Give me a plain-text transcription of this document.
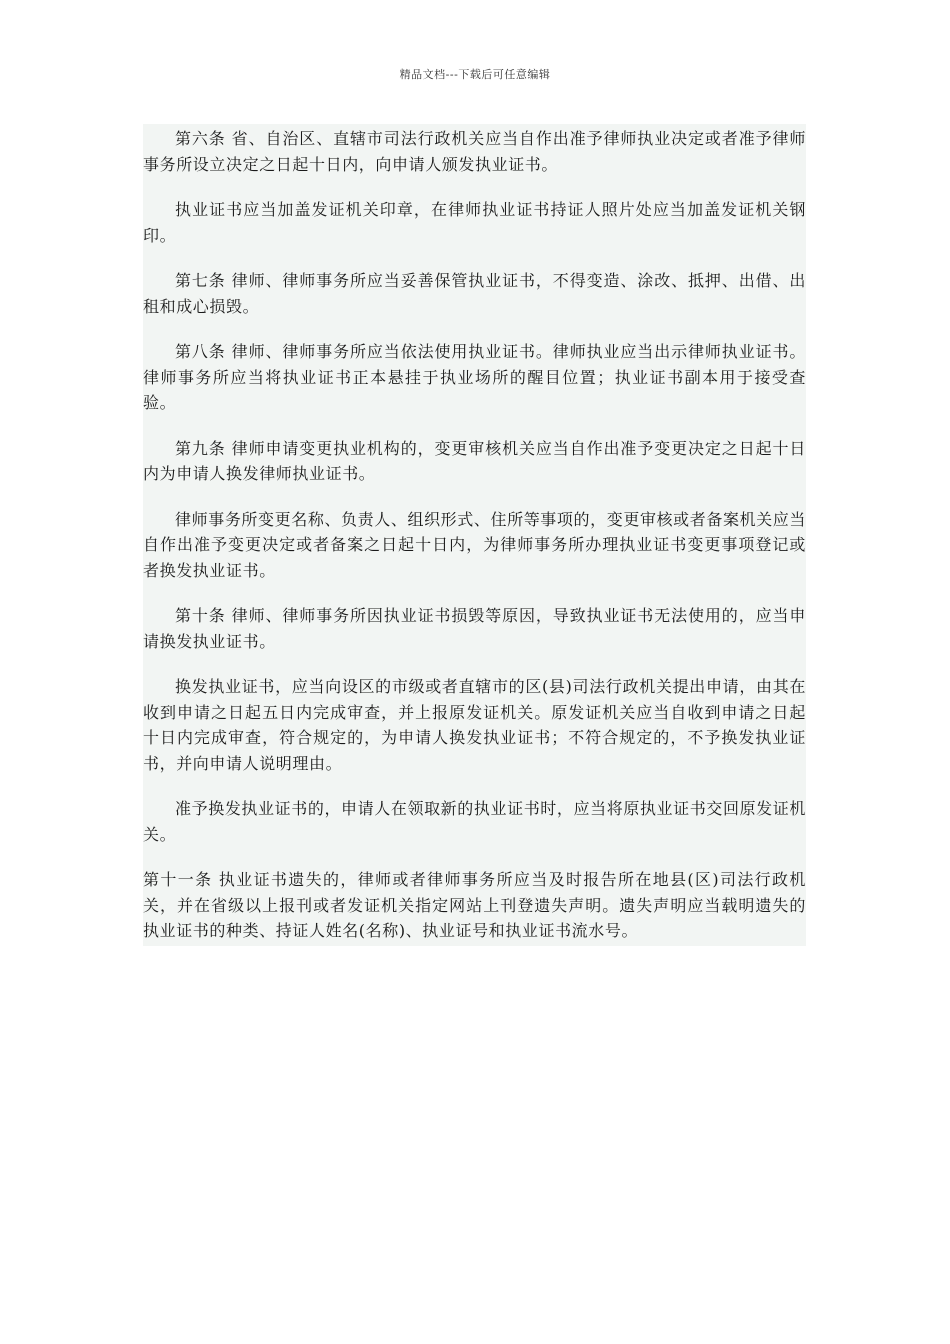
精品文档---下载后可任意编辑

第六条 省、自治区、直辖市司法行政机关应当自作出准予律师执业决定或者准予律师事务所设立决定之日起十日内，向申请人颁发执业证书。

执业证书应当加盖发证机关印章，在律师执业证书持证人照片处应当加盖发证机关钢印。

第七条 律师、律师事务所应当妥善保管执业证书，不得变造、涂改、抵押、出借、出租和成心损毁。

第八条 律师、律师事务所应当依法使用执业证书。律师执业应当出示律师执业证书。律师事务所应当将执业证书正本悬挂于执业场所的醒目位置；执业证书副本用于接受查验。

第九条 律师申请变更执业机构的，变更审核机关应当自作出准予变更决定之日起十日内为申请人换发律师执业证书。

律师事务所变更名称、负责人、组织形式、住所等事项的，变更审核或者备案机关应当自作出准予变更决定或者备案之日起十日内，为律师事务所办理执业证书变更事项登记或者换发执业证书。

第十条 律师、律师事务所因执业证书损毁等原因，导致执业证书无法使用的，应当申请换发执业证书。

换发执业证书，应当向设区的市级或者直辖市的区(县)司法行政机关提出申请，由其在收到申请之日起五日内完成审查，并上报原发证机关。原发证机关应当自收到申请之日起十日内完成审查，符合规定的，为申请人换发执业证书；不符合规定的，不予换发执业证书，并向申请人说明理由。

准予换发执业证书的，申请人在领取新的执业证书时，应当将原执业证书交回原发证机关。

第十一条 执业证书遗失的，律师或者律师事务所应当及时报告所在地县(区)司法行政机关，并在省级以上报刊或者发证机关指定网站上刊登遗失声明。遗失声明应当载明遗失的执业证书的种类、持证人姓名(名称)、执业证号和执业证书流水号。
